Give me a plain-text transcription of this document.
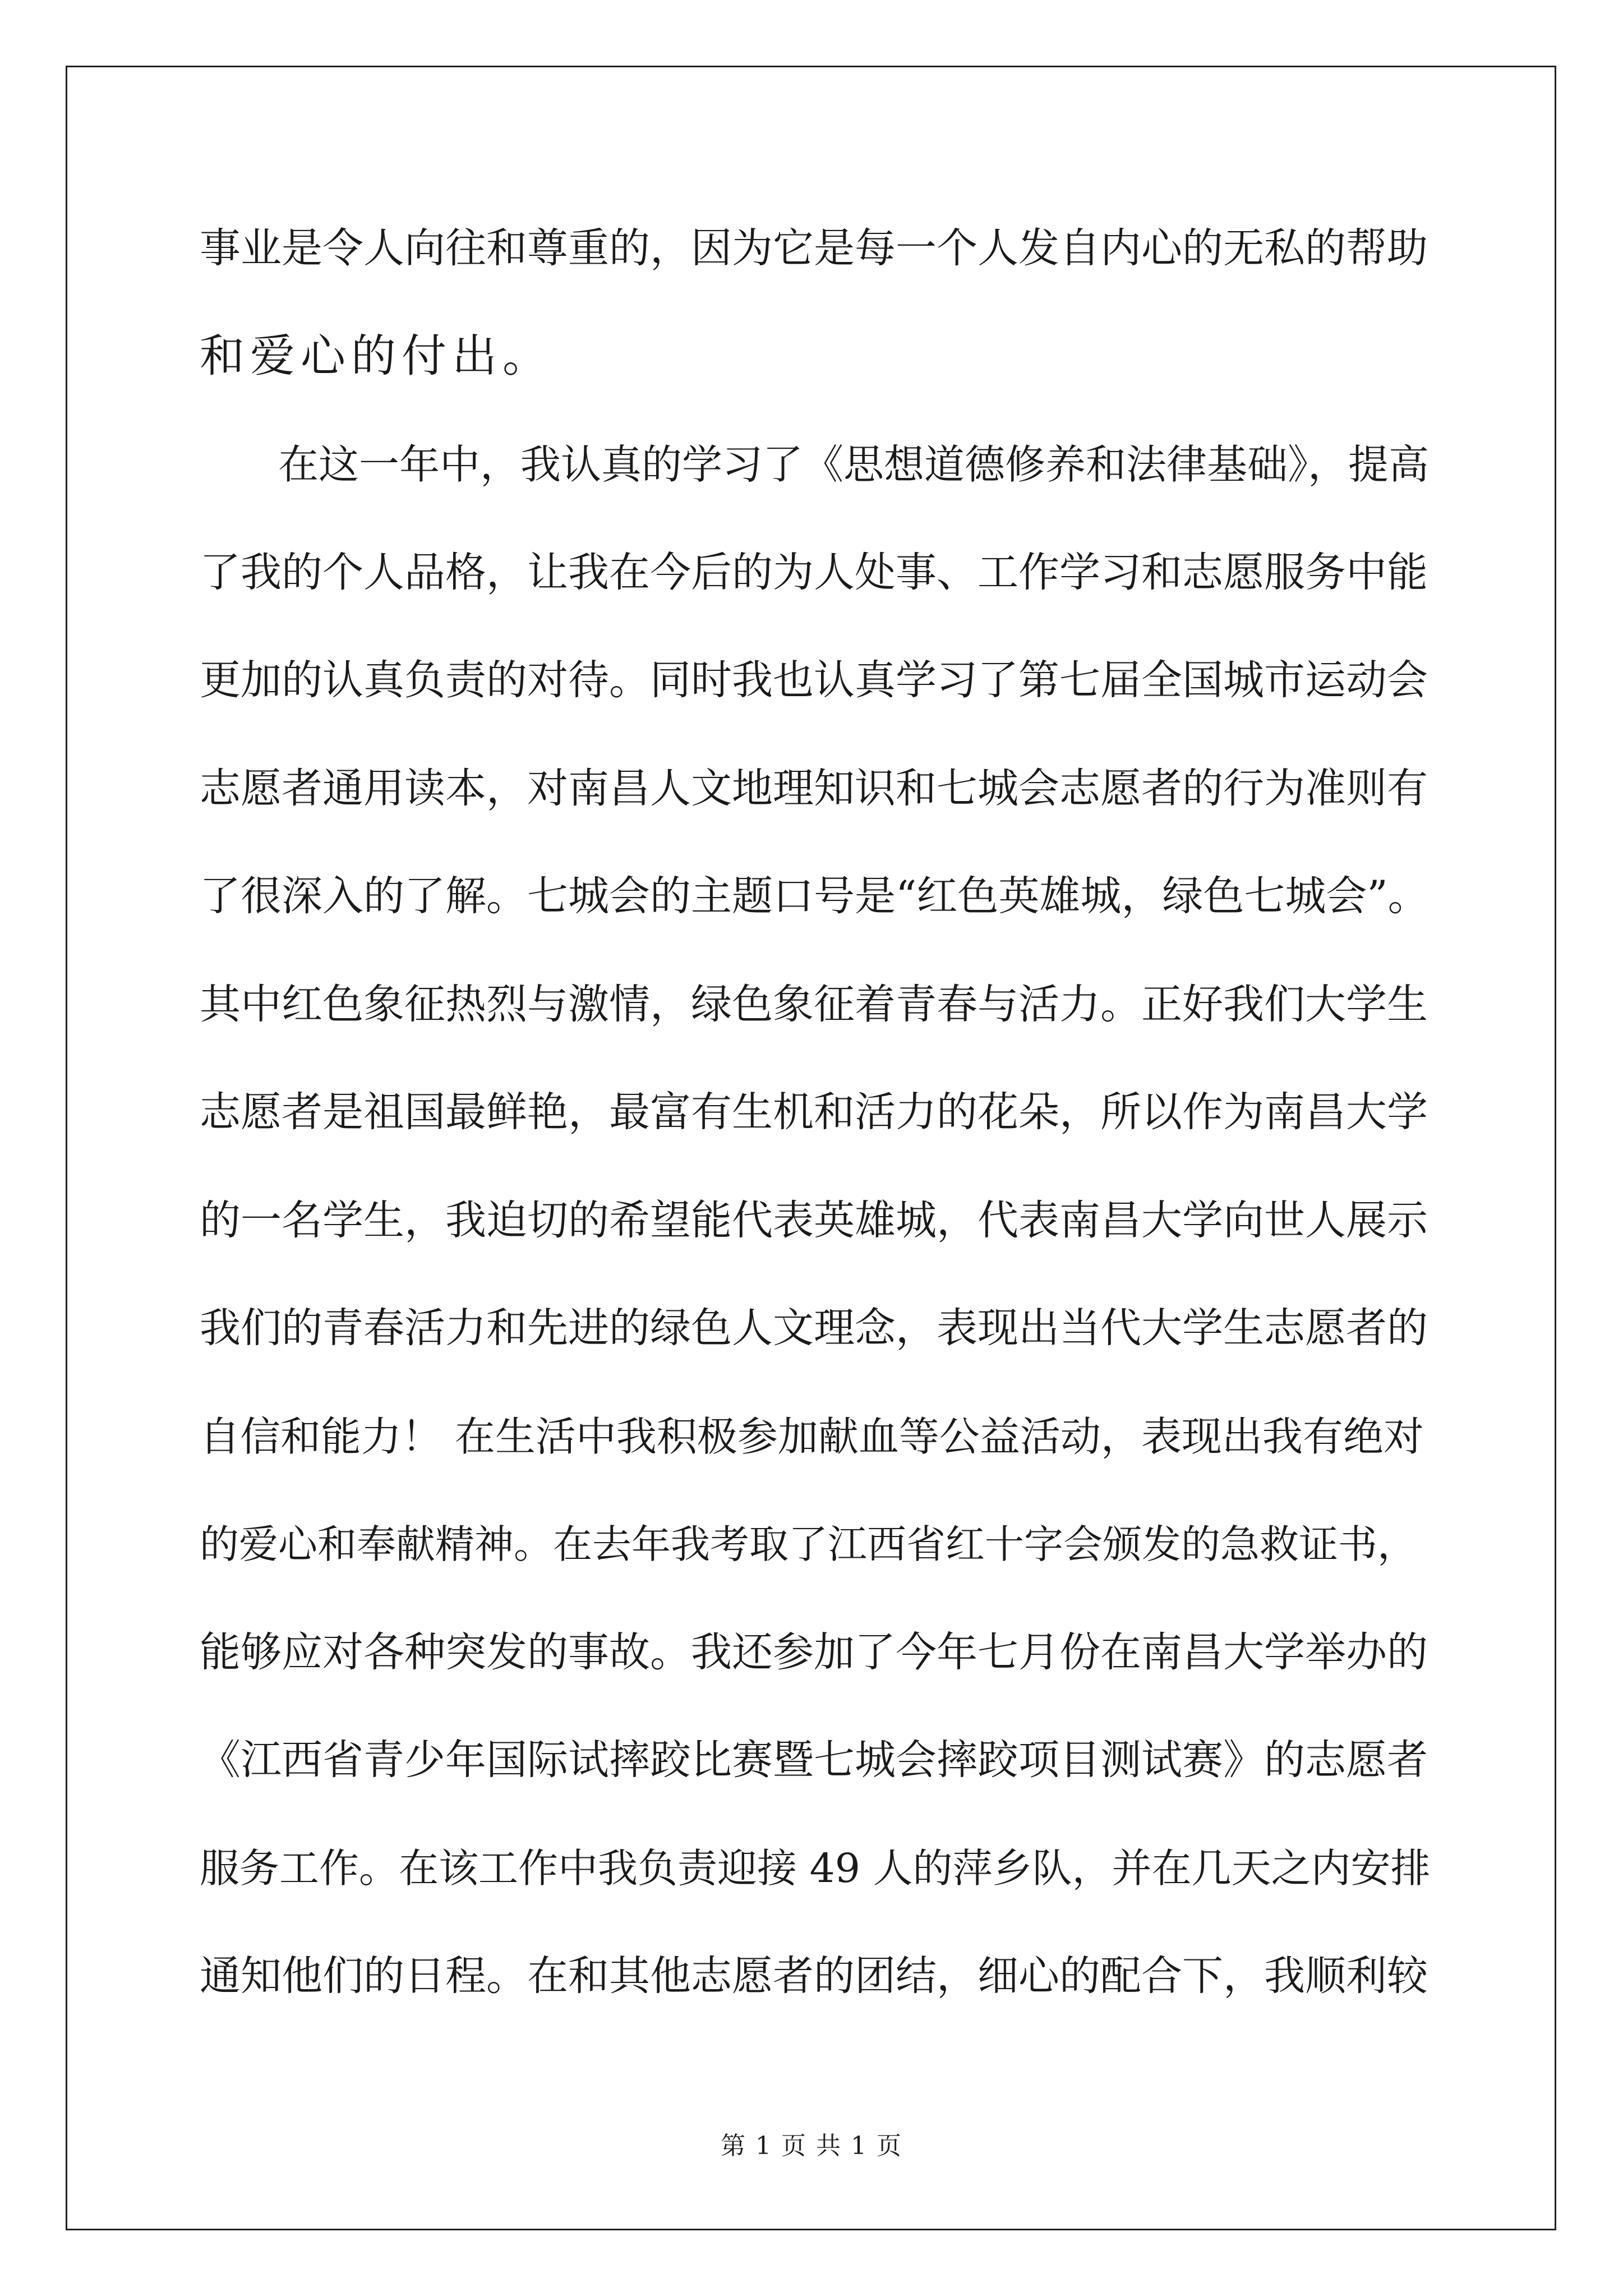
事业是令人向往和尊重的，因为它是每一个人发自内心的无私的帮助
和爱心的付出。
在这一年中，我认真的学习了《思想道德修养和法律基础》，提高
了我的个人品格，让我在今后的为人处事、工作学习和志愿服务中能
更加的认真负责的对待。同时我也认真学习了第七届全国城市运动会
志愿者通用读本，对南昌人文地理知识和七城会志愿者的行为准则有
了很深入的了解。七城会的主题口号是“红色英雄城，绿色七城会”。
其中红色象征热烈与激情，绿色象征着青春与活力。正好我们大学生
志愿者是祖国最鲜艳，最富有生机和活力的花朵，所以作为南昌大学
的一名学生，我迫切的希望能代表英雄城，代表南昌大学向世人展示
我们的青春活力和先进的绿色人文理念，表现出当代大学生志愿者的
自信和能力！ 在生活中我积极参加献血等公益活动，表现出我有绝对
的爱心和奉献精神。在去年我考取了江西省红十字会颁发的急救证书，
能够应对各种突发的事故。我还参加了今年七月份在南昌大学举办的
《江西省青少年国际试摔跤比赛暨七城会摔跤项目测试赛》的志愿者
服务工作。在该工作中我负责迎接 49 人的萍乡队，并在几天之内安排
通知他们的日程。在和其他志愿者的团结，细心的配合下，我顺利较
第 1 页 共 1 页
